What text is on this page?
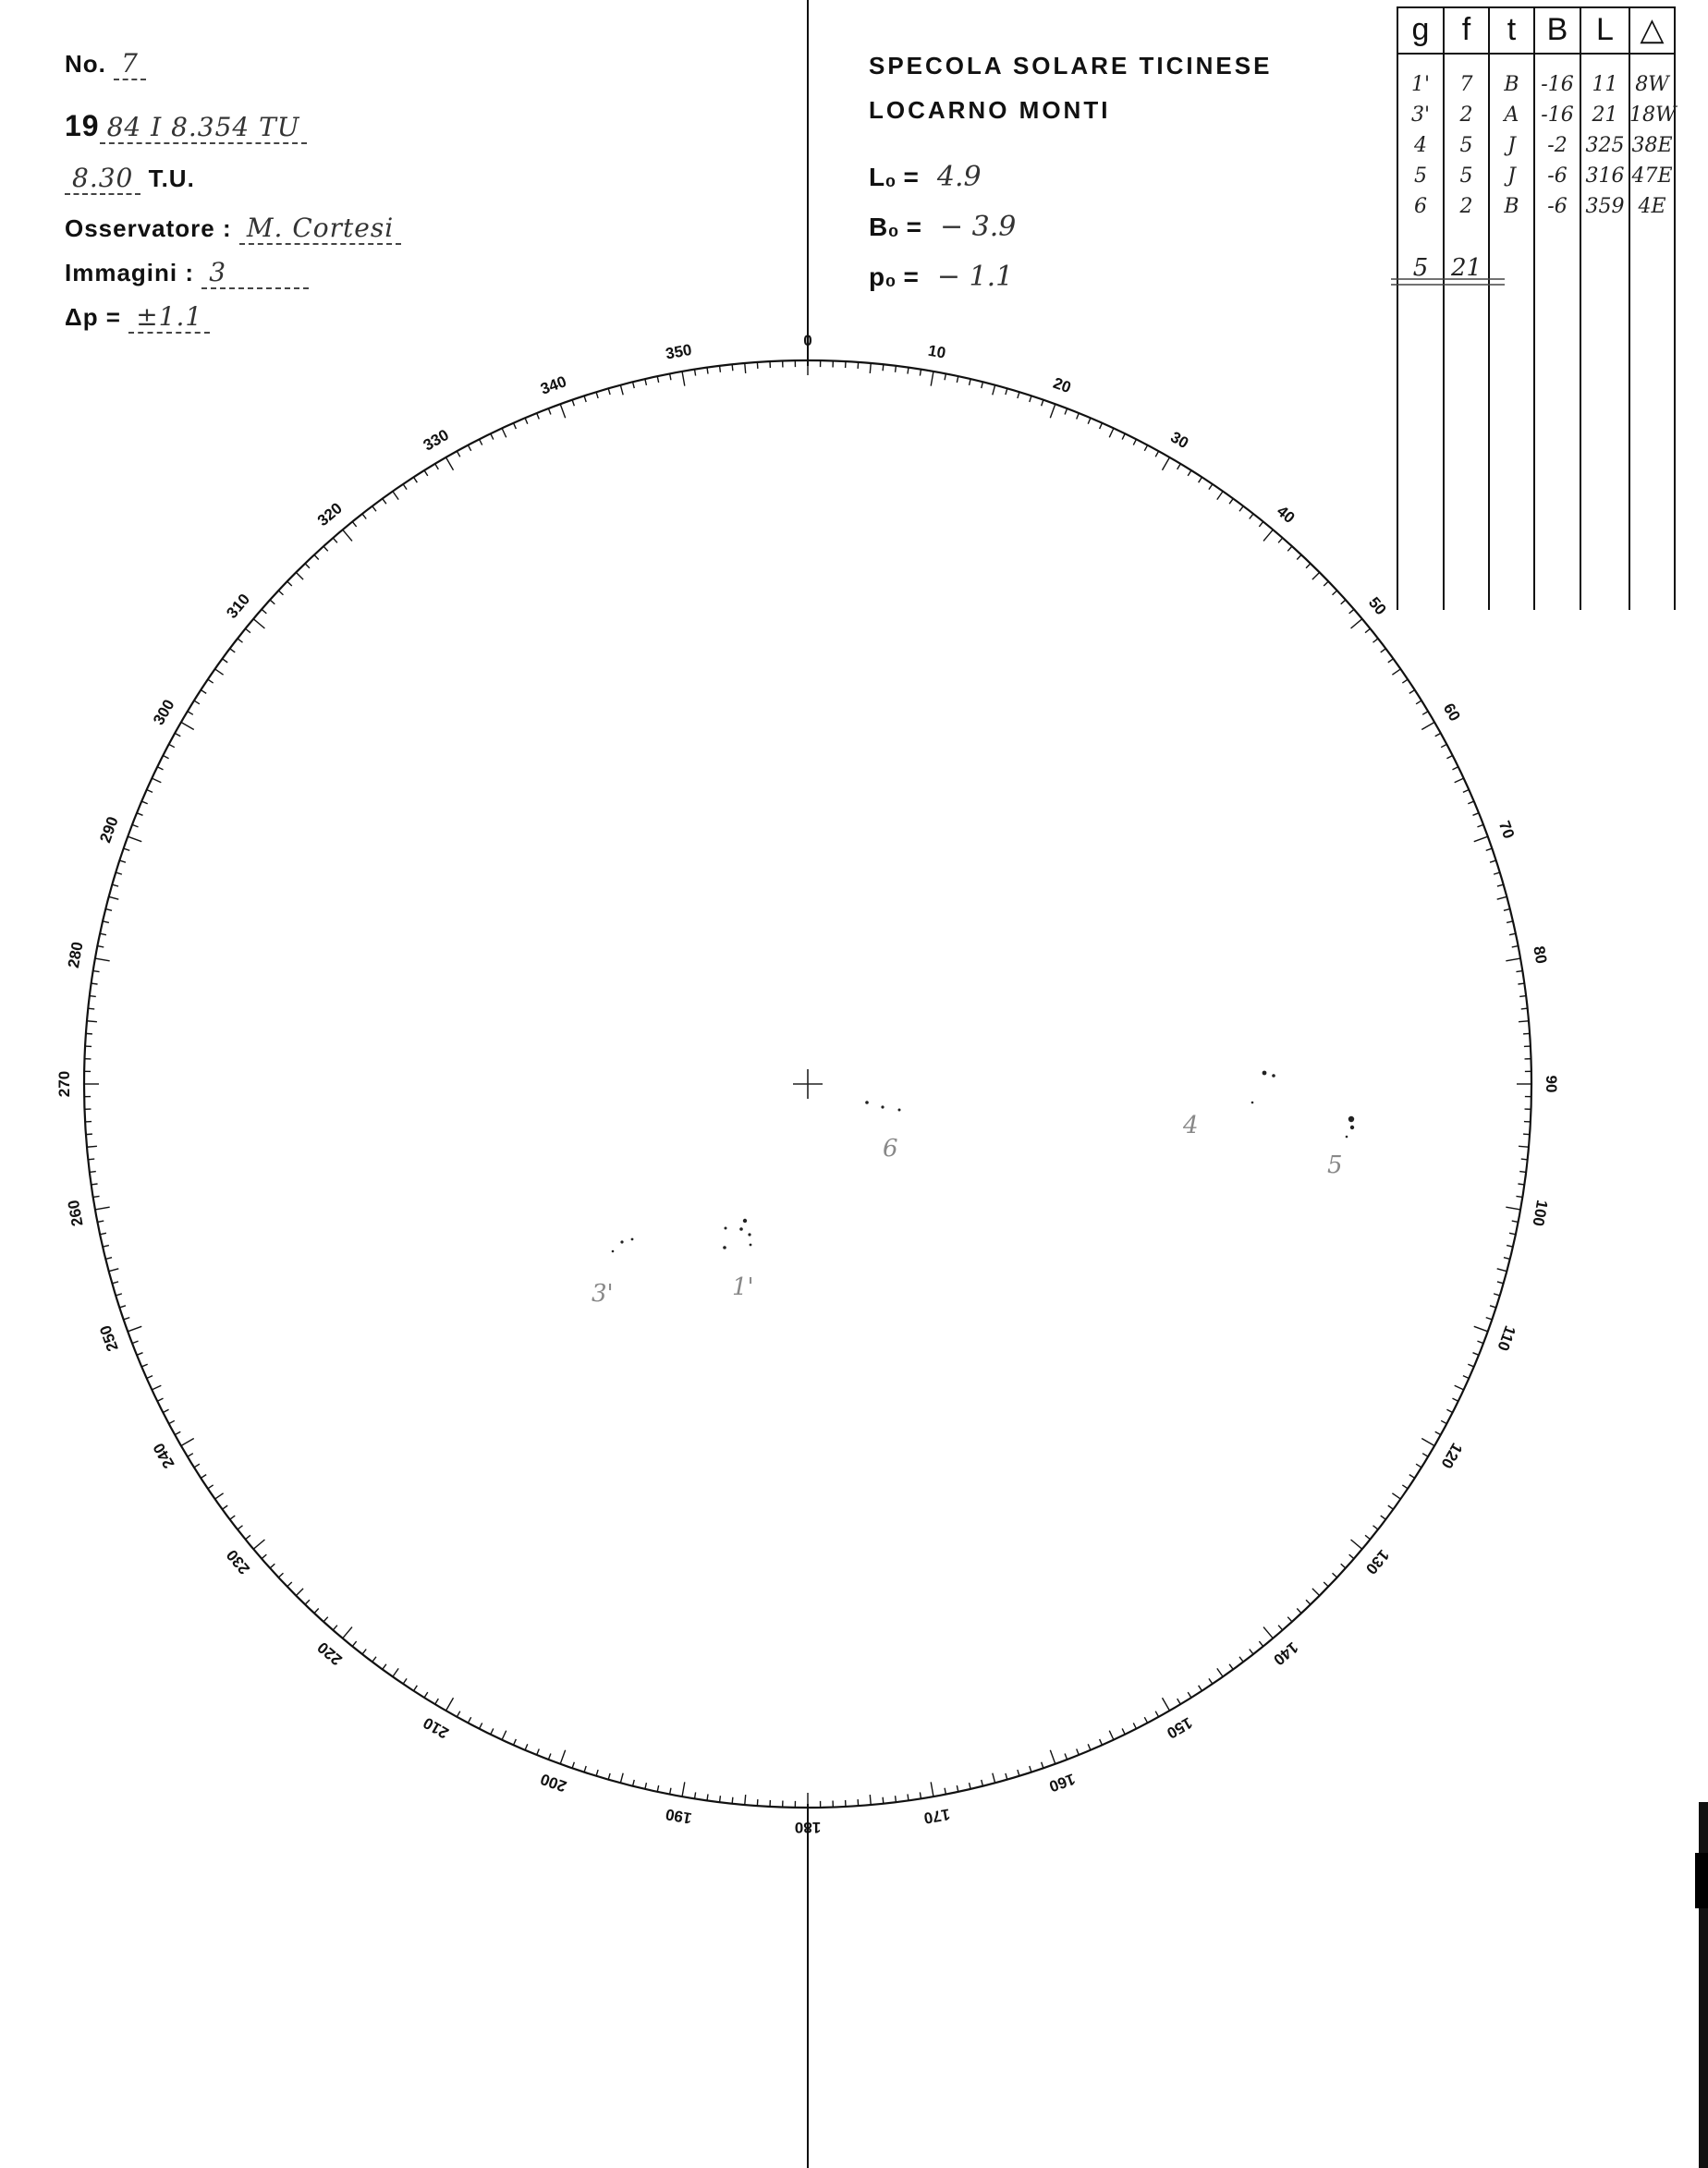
No. 7
19 84 I 8.354 TU
8.30 T.U.
Osservatore : M. Cortesi
Immagini : 3
Δp = ±1.1
SPECOLA SOLARE TICINESE
LOCARNO MONTI
L₀ = 4.9
B₀ = − 3.9
p₀ = − 1.1
0
10
20
30
40
50
60
70
80
90
100
110
120
130
140
150
160
170
180
190
200
210
220
230
240
250
260
270
280
290
300
310
320
330
340
350
g	f	t B L △
1'	7	B	-16 11 8W
3'	2	A	-16 21 18W
4	5	J	-2 325 38E
5	5	J	-6 316 47E
6	2	B	-6 359 4E
5 21
6
4
5
3'	1'
